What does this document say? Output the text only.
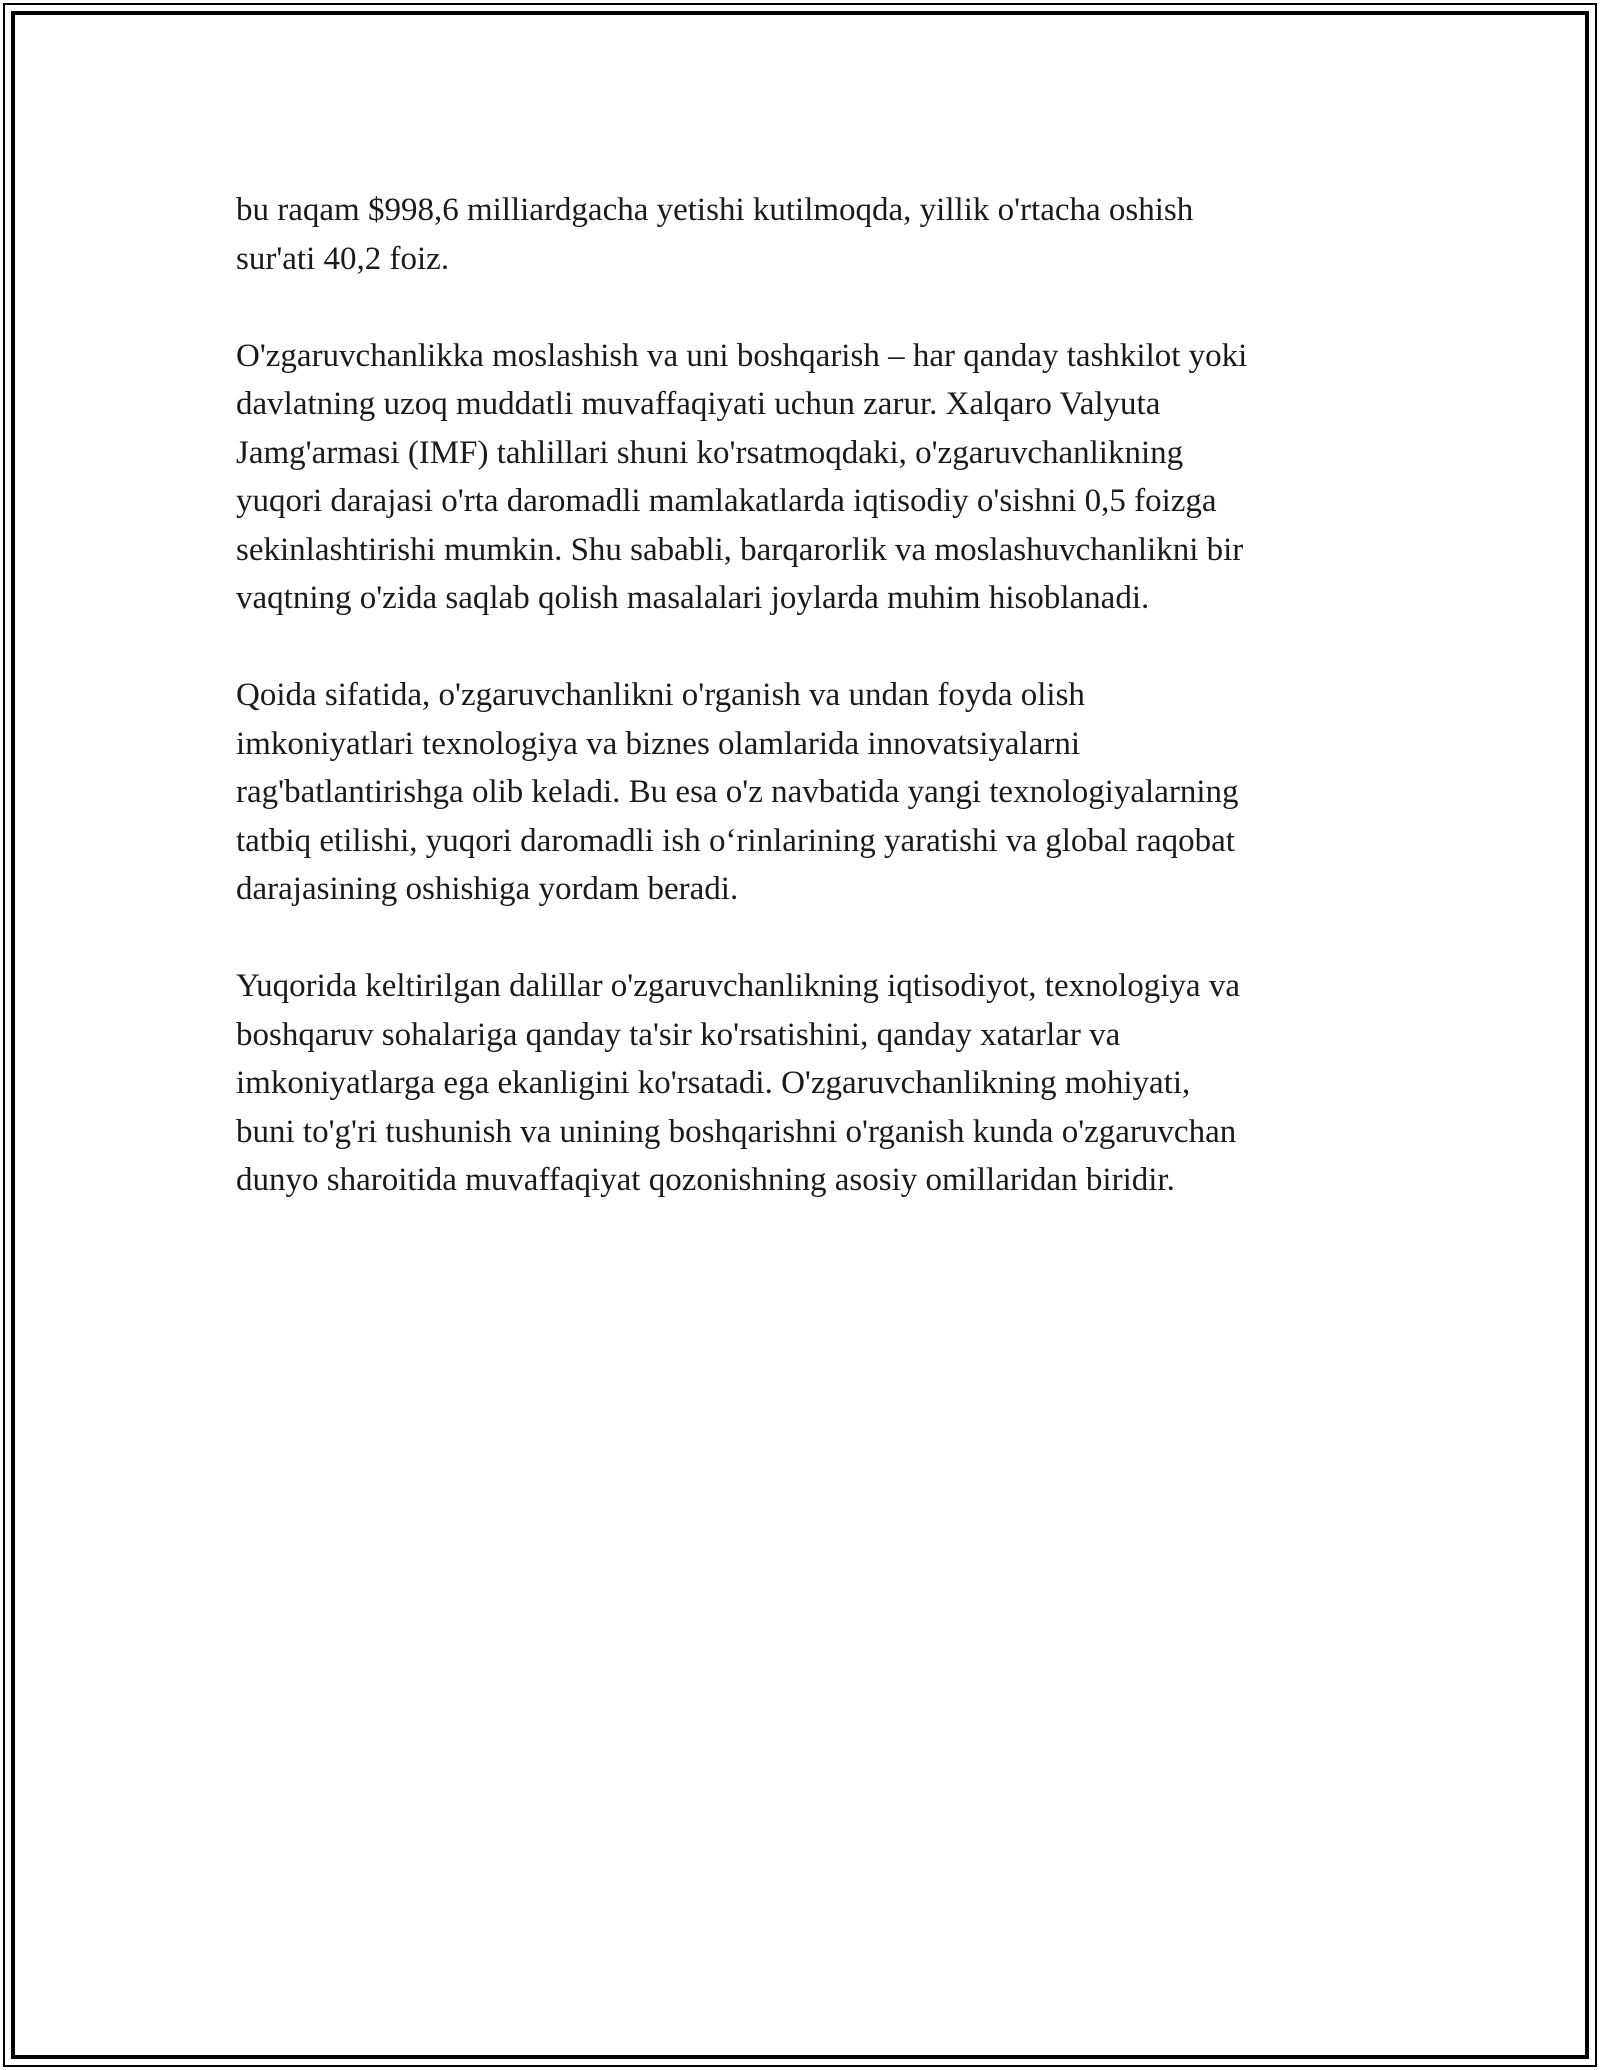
bu raqam $998,6 milliardgacha yetishi kutilmoqda, yillik o'rtacha oshish
sur'ati 40,2 foiz.

O'zgaruvchanlikka moslashish va uni boshqarish – har qanday tashkilot yoki
davlatning uzoq muddatli muvaffaqiyati uchun zarur. Xalqaro Valyuta
Jamg'armasi (IMF) tahlillari shuni ko'rsatmoqdaki, o'zgaruvchanlikning
yuqori darajasi o'rta daromadli mamlakatlarda iqtisodiy o'sishni 0,5 foizga
sekinlashtirishi mumkin. Shu sababli, barqarorlik va moslashuvchanlikni bir
vaqtning o'zida saqlab qolish masalalari joylarda muhim hisoblanadi.

Qoida sifatida, o'zgaruvchanlikni o'rganish va undan foyda olish
imkoniyatlari texnologiya va biznes olamlarida innovatsiyalarni
rag'batlantirishga olib keladi. Bu esa o'z navbatida yangi texnologiyalarning
tatbiq etilishi, yuqori daromadli ish o‘rinlarining yaratishi va global raqobat
darajasining oshishiga yordam beradi.

Yuqorida keltirilgan dalillar o'zgaruvchanlikning iqtisodiyot, texnologiya va
boshqaruv sohalariga qanday ta'sir ko'rsatishini, qanday xatarlar va
imkoniyatlarga ega ekanligini ko'rsatadi. O'zgaruvchanlikning mohiyati,
buni to'g'ri tushunish va unining boshqarishni o'rganish kunda o'zgaruvchan
dunyo sharoitida muvaffaqiyat qozonishning asosiy omillaridan biridir.
